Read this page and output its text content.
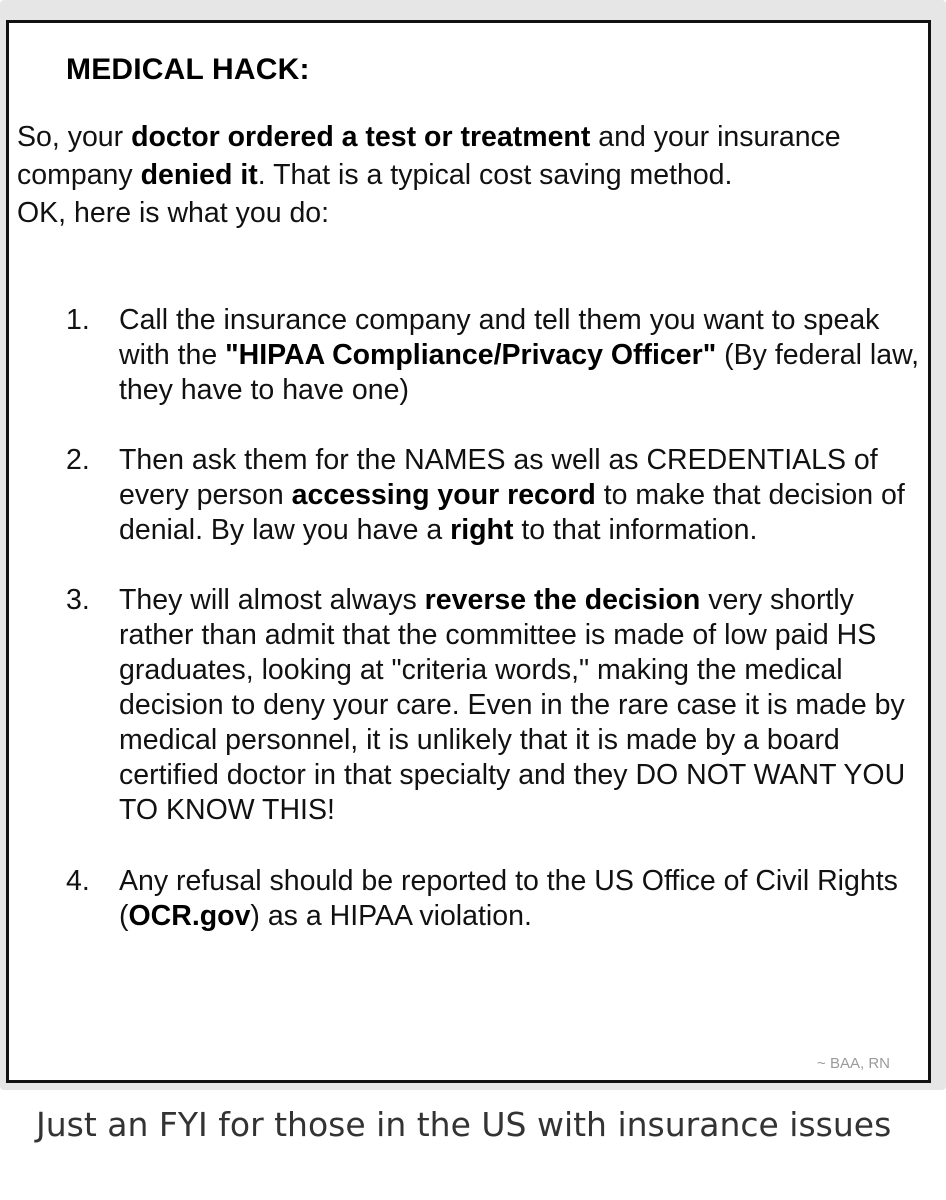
MEDICAL HACK:

So, your doctor ordered a test or treatment and your insurance company denied it. That is a typical cost saving method.

OK, here is what you do:

1. Call the insurance company and tell them you want to speak with the "HIPAA Compliance/Privacy Officer" (By federal law, they have to have one)
2. Then ask them for the NAMES as well as CREDENTIALS of every person accessing your record to make that decision of denial. By law you have a right to that information.
3. They will almost always reverse the decision very shortly rather than admit that the committee is made of low paid HS graduates, looking at "criteria words," making the medical decision to deny your care. Even in the rare case it is made by medical personnel, it is unlikely that it is made by a board certified doctor in that specialty and they DO NOT WANT YOU TO KNOW THIS!
4. Any refusal should be reported to the US Office of Civil Rights (OCR.gov) as a HIPAA violation.
~ BAA, RN

Just an FYI for those in the US with insurance issues
